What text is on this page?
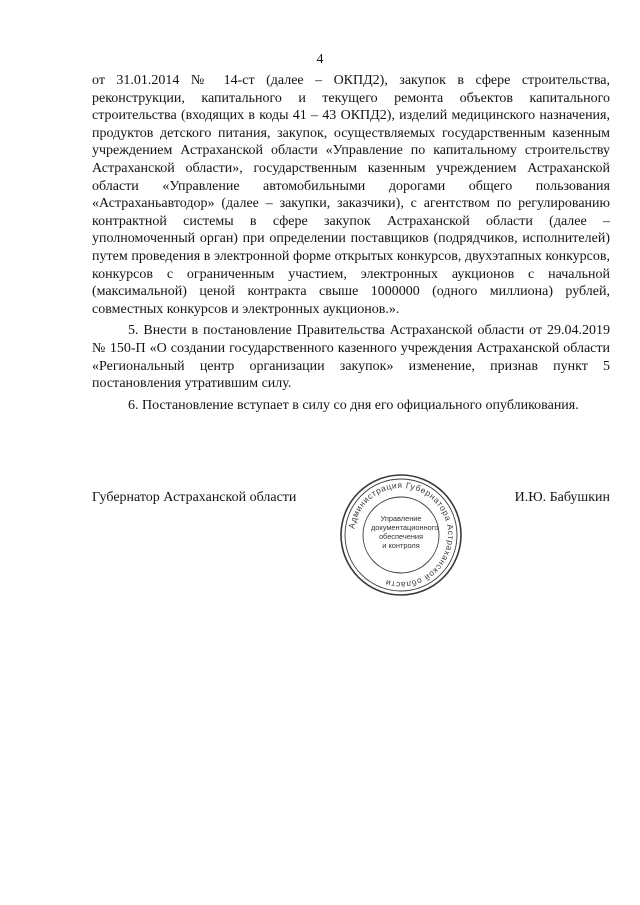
4

от 31.01.2014 № 14-ст (далее – ОКПД2), закупок в сфере строительства, реконструкции, капитального и текущего ремонта объектов капитального строительства (входящих в коды 41 – 43 ОКПД2), изделий медицинского назначения, продуктов детского питания, закупок, осуществляемых государственным казенным учреждением Астраханской области «Управление по капитальному строительству Астраханской области», государственным казенным учреждением Астраханской области «Управление автомобильными дорогами общего пользования «Астраханьавтодор» (далее – закупки, заказчики), с агентством по регулированию контрактной системы в сфере закупок Астраханской области (далее – уполномоченный орган) при определении поставщиков (подрядчиков, исполнителей) путем проведения в электронной форме открытых конкурсов, двухэтапных конкурсов, конкурсов с ограниченным участием, электронных аукционов с начальной (максимальной) ценой контракта свыше 1000000 (одного миллиона) рублей, совместных конкурсов и электронных аукционов.».

5. Внести в постановление Правительства Астраханской области от 29.04.2019 № 150-П «О создании государственного казенного учреждения Астраханской области «Региональный центр организации закупок» изменение, признав пункт 5 постановления утратившим силу.

6. Постановление вступает в силу со дня его официального опубликования.

Губернатор Астраханской области
Администрация Губернатора Астраханской области
Управление
документационного
обеспечения
и контроля
И.Ю. Бабушкин
